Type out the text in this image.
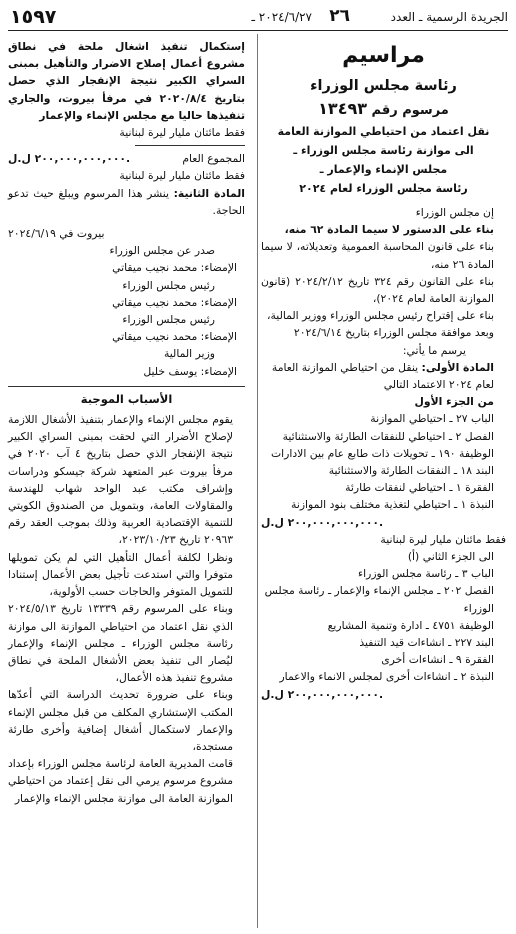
الجريدة الرسمية ـ العدد
٢٦
٢٠٢٤/٦/٢٧ ـ
١٥٩٧
مراسيم
رئاسة مجلس الوزراء
مرسوم رقم ١٣٤٩٣
نقل اعتماد من احتياطي الموازنة العامة
الى موازنة رئاسة مجلس الوزراء ـ
مجلس الإنماء والإعمار ـ
رئاسة مجلس الوزراء لعام ٢٠٢٤

إن مجلس الوزراء

بناء على الدستور لا سيما المادة ٦٢ منه،

بناء على قانون المحاسبة العمومية وتعديلاته، لا سيما المادة ٢٦ منه،

بناء على القانون رقم ٣٢٤ تاريخ ٢٠٢٤/٢/١٢ (قانون الموازنة العامة لعام ٢٠٢٤)،

بناء على إقتراح رئيس مجلس الوزراء ووزير المالية،

وبعد موافقة مجلس الوزراء بتاريخ ٢٠٢٤/٦/١٤

يرسم ما يأتي:

المادة الأولى: ينقل من احتياطي الموازنة العامة لعام ٢٠٢٤ الاعتماد التالي

من الجزء الأول

الباب ٢٧ ـ احتياطي الموازنة

الفصل ٢ ـ احتياطي للنفقات الطارئة والاستثنائية

الوظيفة ١٩٠ ـ تحويلات ذات طابع عام بين الادارات

البند ١٨ ـ النفقات الطارئة والاستثنائية

الفقرة ١ ـ احتياطي لنفقات طارئة

النبذة ١ ـ احتياطي لتغذية مختلف بنود الموازنة

٢٠٠,٠٠٠,٠٠٠,٠٠٠ ل.ل.

فقط مائتان مليار ليرة لبنانية

الى الجزء الثاني (أ)

الباب ٣ ـ رئاسة مجلس الوزراء

الفصل ٢٠٢ ـ مجلس الإنماء والإعمار ـ رئاسة مجلس الوزراء

الوظيفة ٤٧٥١ ـ ادارة وتنمية المشاريع

البند ٢٢٧ ـ انشاءات قيد التنفيذ

الفقرة ٩ ـ انشاءات أخرى

النبذة ٢ ـ انشاءات أخرى لمجلس الانماء والاعمار

٢٠٠,٠٠٠,٠٠٠,٠٠٠ ل.ل.

إستكمال تنفيذ اشغال ملحة في نطاق مشروع أعمال إصلاح الاضرار والتأهيل بمبنى السراي الكبير نتيجة الإنفجار الذي حصل بتاريخ ٢٠٢٠/٨/٤ في مرفأ بيروت، والجاري تنفيذها حاليا مع مجلس الإنماء والإعمار

فقط مائتان مليار ليرة لبنانية

المجموع العام
٢٠٠,٠٠٠,٠٠٠,٠٠٠ ل.ل.

فقط مائتان مليار ليرة لبنانية

المادة الثانية: ينشر هذا المرسوم ويبلغ حيث تدعو الحاجة.

بيروت في ٢٠٢٤/٦/١٩

صدر عن مجلس الوزراء

الإمضاء: محمد نجيب ميقاتي

رئيس مجلس الوزراء

الإمضاء: محمد نجيب ميقاتي

رئيس مجلس الوزراء

الإمضاء: محمد نجيب ميقاتي

وزير المالية

الإمضاء: يوسف خليل

الأسباب الموجبة

يقوم مجلس الإنماء والإعمار بتنفيذ الأشغال اللازمة لإصلاح الأضرار التي لحقت بمبنى السراي الكبير نتيجة الإنفجار الذي حصل بتاريخ ٤ آب ٢٠٢٠ في مرفأ بيروت عبر المتعهد شركة جيسكو ودراسات وإشراف مكتب عبد الواحد شهاب للهندسة والمقاولات العامة، وبتمويل من الصندوق الكويتي للتنمية الإقتصادية العربية وذلك بموجب العقد رقم ٢٠٩٦٣ تاريخ ٢٠٢٣/١٠/٢٣،

ونظرا لكلفة أعمال التأهيل التي لم يكن تمويلها متوفرا والتي استدعت تأجيل بعض الأعمال إستنادا للتمويل المتوفر والحاجات حسب الأولوية،

وبناء على المرسوم رقم ١٣٣٣٩ تاريخ ٢٠٢٤/٥/١٣ الذي نقل اعتماد من احتياطي الموازنة الى موازنة رئاسة مجلس الوزراء ـ مجلس الإنماء والإعمار ليُصار الى تنفيذ بعض الأشغال الملحة في نطاق مشروع تنفيذ هذه الأعمال،

وبناء على ضرورة تحديث الدراسة التي أعدّها المكتب الإستشاري المكلف من قبل مجلس الإنماء والإعمار لاستكمال أشغال إضافية وأخرى طارئة مستجدة،

قامت المديرية العامة لرئاسة مجلس الوزراء بإعداد مشروع مرسوم يرمي الى نقل إعتماد من احتياطي الموازنة العامة الى موازنة مجلس الإنماء والإعمار
